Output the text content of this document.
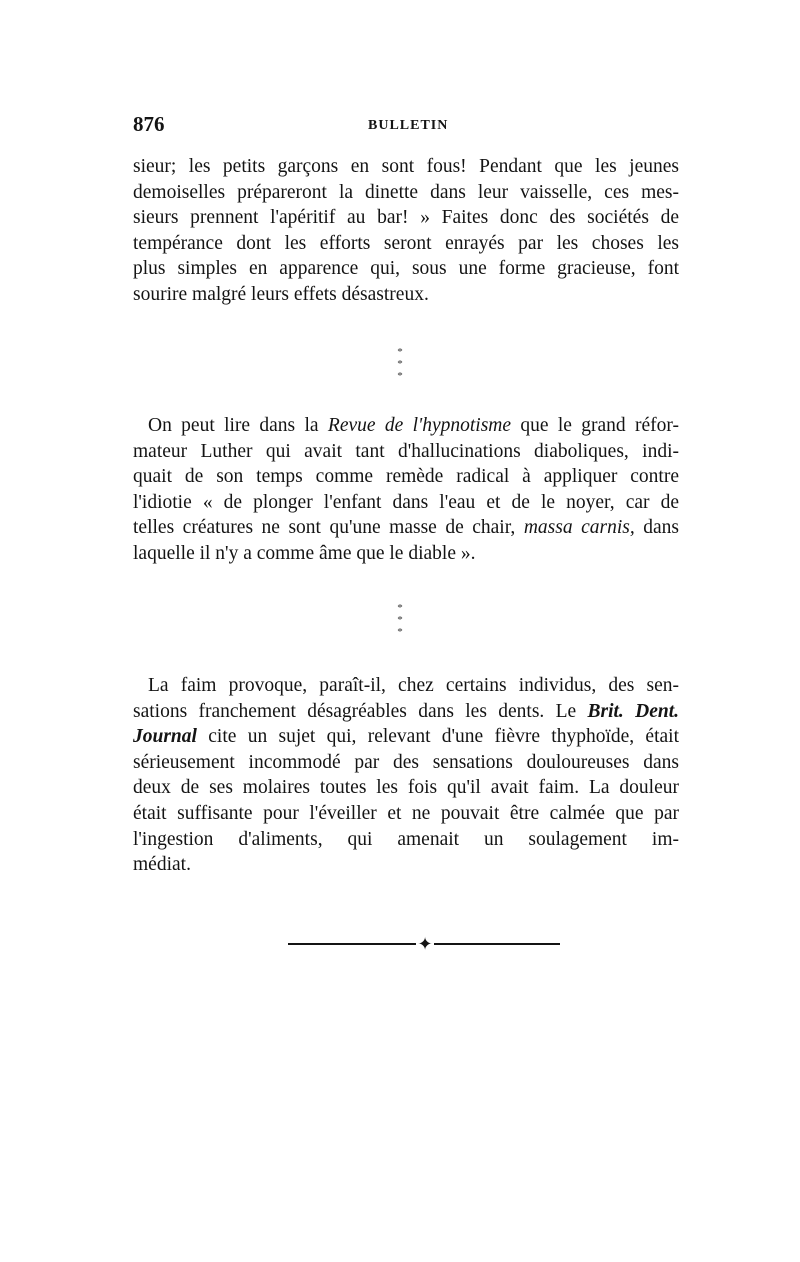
876	BULLETIN
sieur; les petits garçons en sont fous! Pendant que les jeunes
demoiselles prépareront la dinette dans leur vaisselle, ces mes-
sieurs prennent l'apéritif au bar! » Faites donc des sociétés de
tempérance dont les efforts seront enrayés par les choses les
plus simples en apparence qui, sous une forme gracieuse, font
sourire malgré leurs effets désastreux.
*
* *
On peut lire dans la Revue de l'hypnotisme que le grand réfor-
mateur Luther qui avait tant d'hallucinations diaboliques, indi-
quait de son temps comme remède radical à appliquer contre
l'idiotie « de plonger l'enfant dans l'eau et de le noyer, car de
telles créatures ne sont qu'une masse de chair, massa carnis, dans
laquelle il n'y a comme âme que le diable ».
*
* *
La faim provoque, paraît-il, chez certains individus, des sen-
sations franchement désagréables dans les dents. Le Brit. Dent.
Journal cite un sujet qui, relevant d'une fièvre thyphoïde, était
sérieusement incommodé par des sensations douloureuses dans
deux de ses molaires toutes les fois qu'il avait faim. La douleur
était suffisante pour l'éveiller et ne pouvait être calmée que par
l'ingestion d'aliments, qui amenait un soulagement im-
médiat.
✦
